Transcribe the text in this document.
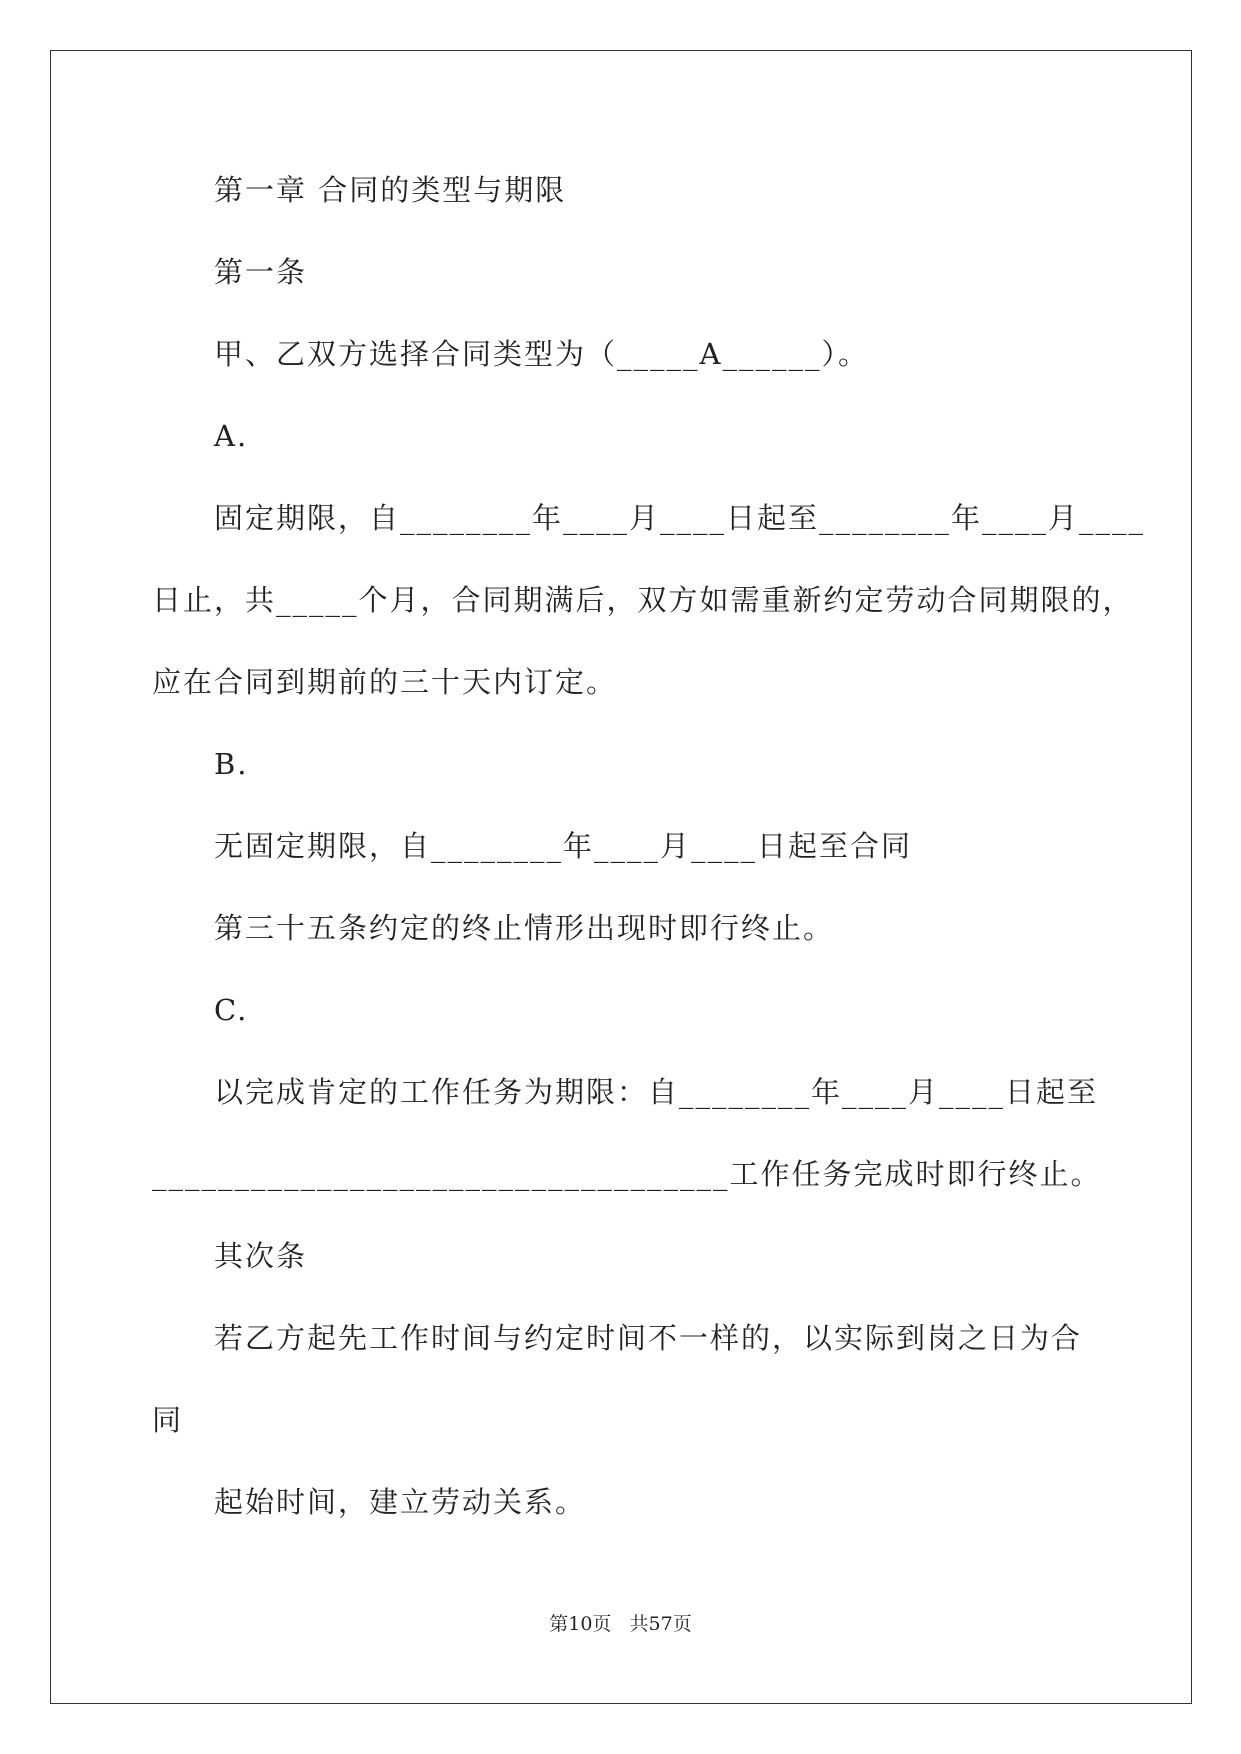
第一章 合同的类型与期限
第一条
甲、乙双方选择合同类型为（_____A______）。
A.
固定期限，自________年____月____日起至________年____月____
日止，共_____个月，合同期满后，双方如需重新约定劳动合同期限的，
应在合同到期前的三十天内订定。
B.
无固定期限，自________年____月____日起至合同
第三十五条约定的终止情形出现时即行终止。
C.
以完成肯定的工作任务为期限：自________年____月____日起至
___________________________________工作任务完成时即行终止。
其次条
若乙方起先工作时间与约定时间不一样的，以实际到岗之日为合
同
起始时间，建立劳动关系。
第10页   共57页
